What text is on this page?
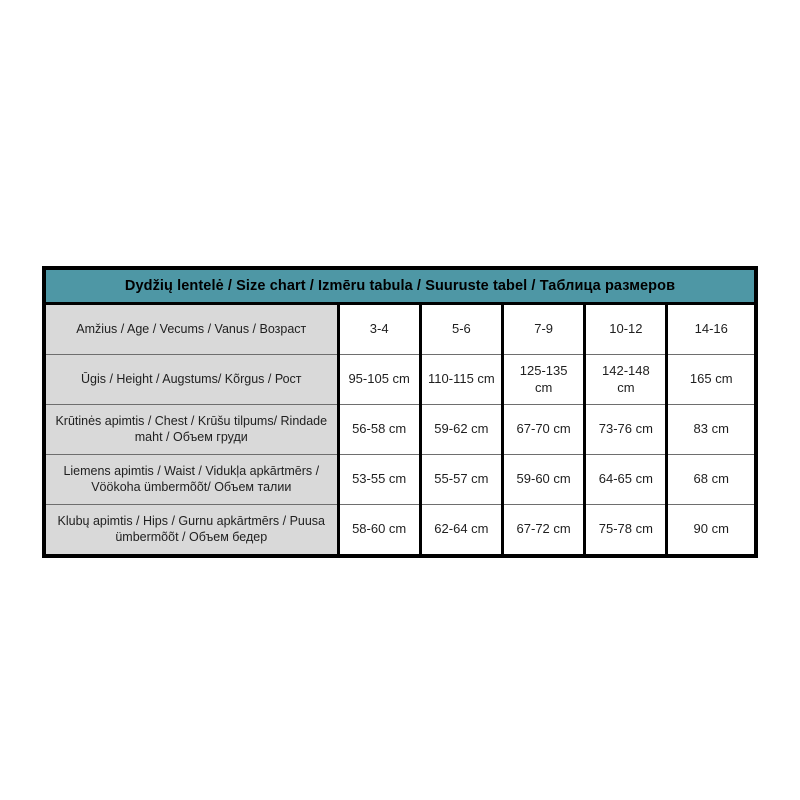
Dydžių lentelė / Size chart / Izmēru tabula / Suuruste tabel / Таблица размеров					
Amžius / Age / Vecums / Vanus / Возраст	3-4	5-6	7-9	10-12	14-16
Ūgis / Height / Augstums/ Kõrgus / Рост	95-105 cm	110-115 cm	125-135 cm	142-148 cm	165 cm
Krūtinės apimtis / Chest / Krūšu tilpums/ Rindade maht / Объем груди	56-58 cm	59-62 cm	67-70 cm	73-76 cm	83 cm
Liemens apimtis / Waist / Vidukļa apkārtmērs / Vöökoha ümbermõõt/ Объем талии	53-55 cm	55-57 cm	59-60 cm	64-65 cm	68 cm
Klubų apimtis / Hips / Gurnu apkārtmērs / Puusa ümbermõõt / Объем бедер	58-60 cm	62-64 cm	67-72 cm	75-78 cm	90 cm
